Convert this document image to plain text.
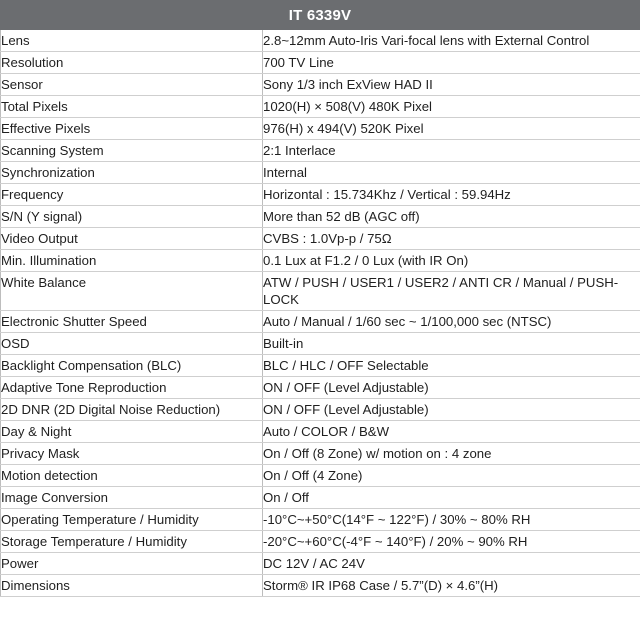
IT 6339V
Lens	2.8~12mm Auto-Iris Vari-focal lens with External Control

Resolution	700 TV Line

Sensor	Sony 1/3 inch ExView HAD II

Total Pixels	1020(H) × 508(V) 480K Pixel

Effective Pixels	976(H) x 494(V) 520K Pixel

Scanning System	2:1 Interlace

Synchronization	Internal

Frequency	Horizontal : 15.734Khz / Vertical : 59.94Hz

S/N (Y signal)	More than 52 dB (AGC off)

Video Output	CVBS : 1.0Vp-p / 75Ω

Min. Illumination	0.1 Lux at F1.2 / 0 Lux (with IR On)

White Balance	ATW / PUSH / USER1 / USER2 / ANTI CR / Manual / PUSH-LOCK

Electronic Shutter Speed	Auto / Manual / 1/60 sec ~ 1/100,000 sec (NTSC)

OSD	Built-in

Backlight Compensation (BLC)	BLC / HLC / OFF Selectable

Adaptive Tone Reproduction	ON / OFF (Level Adjustable)

2D DNR (2D Digital Noise Reduction)	ON / OFF (Level Adjustable)

Day & Night	Auto / COLOR / B&W

Privacy Mask	On / Off (8 Zone) w/ motion on : 4 zone

Motion detection	On / Off (4 Zone)

Image Conversion	On / Off

Operating Temperature / Humidity	-10°C~+50°C(14°F ~ 122°F) / 30% ~ 80% RH

Storage Temperature / Humidity	-20°C~+60°C(-4°F ~ 140°F) / 20% ~ 90% RH

Power	DC 12V / AC 24V

Dimensions	Storm® IR IP68 Case / 5.7”(D) × 4.6”(H)
